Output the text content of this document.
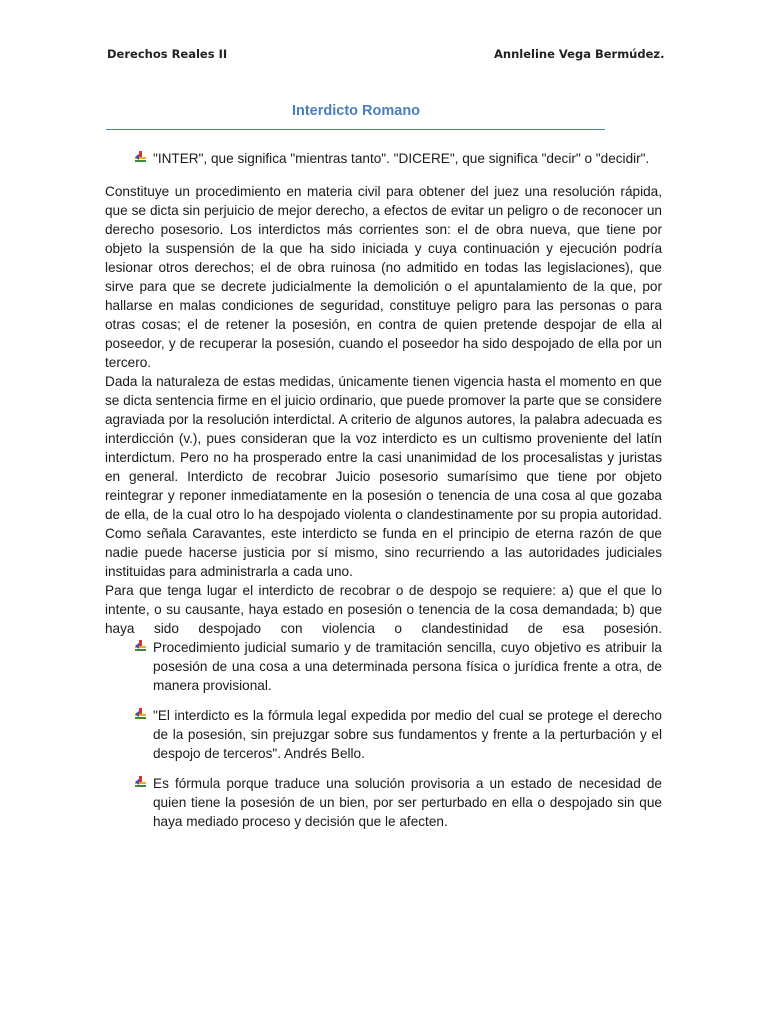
Derechos Reales II	Annleline Vega Bermúdez.
Interdicto Romano
"INTER", que significa "mientras tanto". "DICERE", que significa "decir" o "decidir".

Constituye un procedimiento en materia civil para obtener del juez una resolución rápida, que se dicta sin perjuicio de mejor derecho, a efectos de evitar un peligro o de reconocer un derecho posesorio. Los interdictos más corrientes son: el de obra nueva, que tiene por objeto la suspensión de la que ha sido iniciada y cuya continuación y ejecución podría lesionar otros derechos; el de obra ruinosa (no admitido en todas las legislaciones), que sirve para que se decrete judicialmente la demolición o el apuntalamiento de la que, por hallarse en malas condiciones de seguridad, constituye peligro para las personas o para otras cosas; el de retener la posesión, en contra de quien pretende despojar de ella al poseedor, y de recuperar la posesión, cuando el poseedor ha sido despojado de ella por un tercero.

Dada la naturaleza de estas medidas, únicamente tienen vigencia hasta el momento en que se dicta sentencia firme en el juicio ordinario, que puede promover la parte que se considere agraviada por la resolución interdictal. A criterio de algunos autores, la palabra adecuada es interdicción (v.), pues consideran que la voz interdicto es un cultismo proveniente del latín interdictum. Pero no ha prosperado entre la casi unanimidad de los procesalistas y juristas en general. Interdicto de recobrar Juicio posesorio sumarísimo que tiene por objeto reintegrar y reponer inmediatamente en la posesión o tenencia de una cosa al que gozaba de ella, de la cual otro lo ha despojado violenta o clandestinamente por su propia autoridad. Como señala Caravantes, este interdicto se funda en el principio de eterna razón de que nadie puede hacerse justicia por sí mismo, sino recurriendo a las autoridades judiciales instituidas para administrarla a cada uno.

Para que tenga lugar el interdicto de recobrar o de despojo se requiere: a) que el que lo intente, o su causante, haya estado en posesión o tenencia de la cosa demandada; b) que haya sido despojado con violencia o clandestinidad de esa posesión.

Procedimiento judicial sumario y de tramitación sencilla, cuyo objetivo es atribuir la posesión de una cosa a una determinada persona física o jurídica frente a otra, de manera provisional.
"El interdicto es la fórmula legal expedida por medio del cual se protege el derecho de la posesión, sin prejuzgar sobre sus fundamentos y frente a la perturbación y el despojo de terceros". Andrés Bello.
Es fórmula porque traduce una solución provisoria a un estado de necesidad de quien tiene la posesión de un bien, por ser perturbado en ella o despojado sin que haya mediado proceso y decisión que le afecten.
